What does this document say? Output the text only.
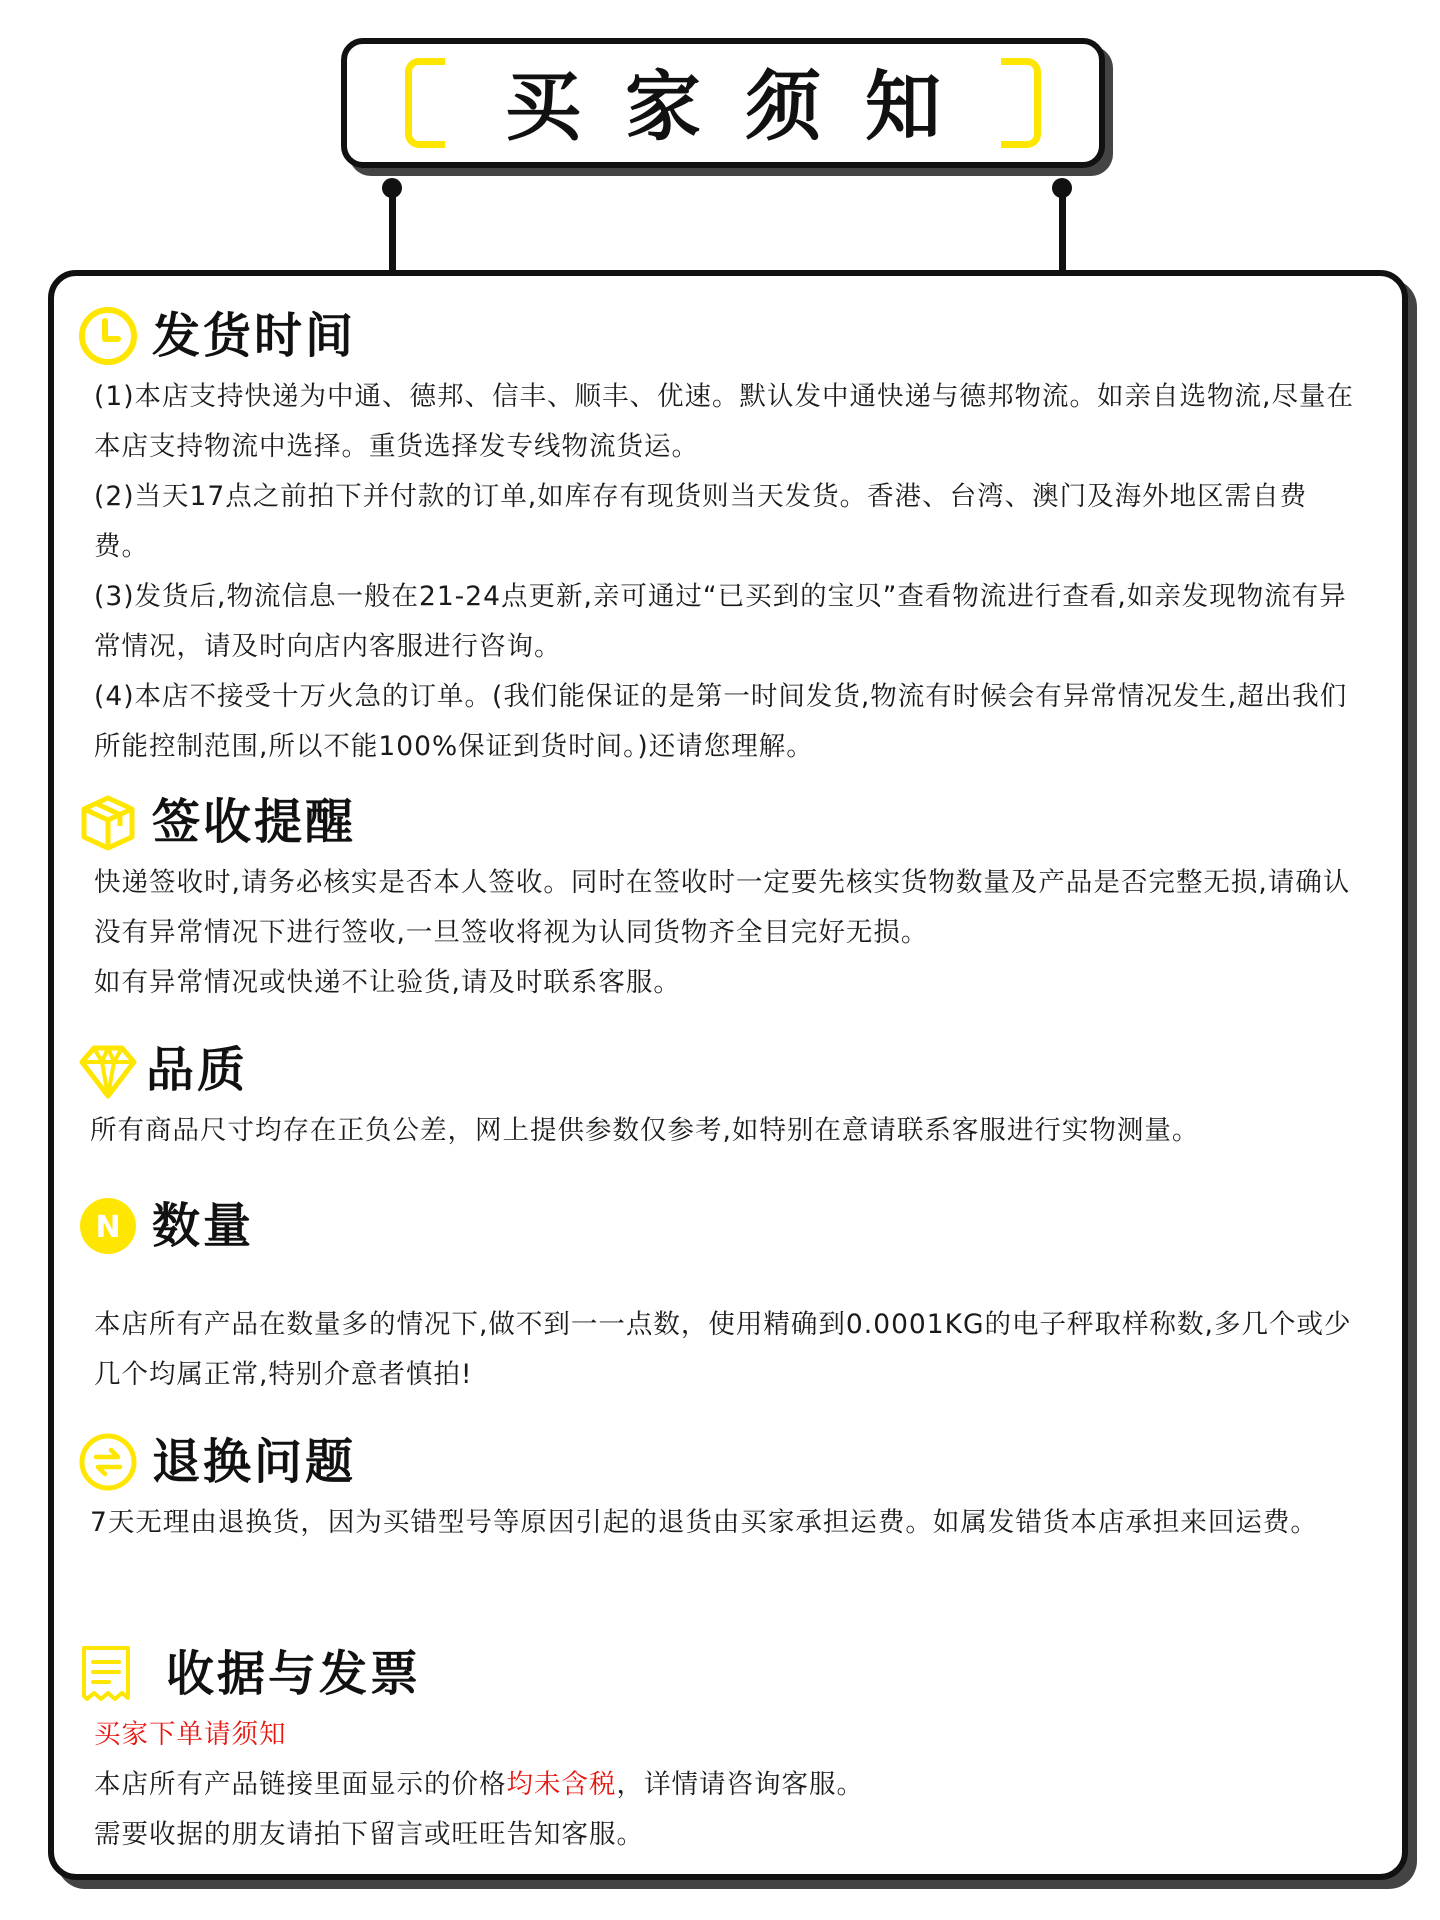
买家须知
发货时间

(1)本店支持快递为中通、德邦、信丰、顺丰、优速。默认发中通快递与德邦物流。如亲自选物流,尽量在本店支持物流中选择。重货选择发专线物流货运。

(2)当天17点之前拍下并付款的订单,如库存有现货则当天发货。香港、台湾、澳门及海外地区需自费费。

(3)发货后,物流信息一般在21-24点更新,亲可通过“已买到的宝贝”查看物流进行查看,如亲发现物流有异常情况，请及时向店内客服进行咨询。

(4)本店不接受十万火急的订单。(我们能保证的是第一时间发货,物流有时候会有异常情况发生,超出我们所能控制范围,所以不能100%保证到货时间。)还请您理解。

签收提醒

快递签收时,请务必核实是否本人签收。同时在签收时一定要先核实货物数量及产品是否完整无损,请确认没有异常情况下进行签收,一旦签收将视为认同货物齐全目完好无损。

如有异常情况或快递不让验货,请及时联系客服。

品质

所有商品尺寸均存在正负公差，网上提供参数仅参考,如特别在意请联系客服进行实物测量。

N 数量

本店所有产品在数量多的情况下,做不到一一点数，使用精确到0.0001KG的电子秤取样称数,多几个或少几个均属正常,特别介意者慎拍!

退换问题

7天无理由退换货，因为买错型号等原因引起的退货由买家承担运费。如属发错货本店承担来回运费。

收据与发票

买家下单请须知

本店所有产品链接里面显示的价格均未含税，详情请咨询客服。

需要收据的朋友请拍下留言或旺旺告知客服。
